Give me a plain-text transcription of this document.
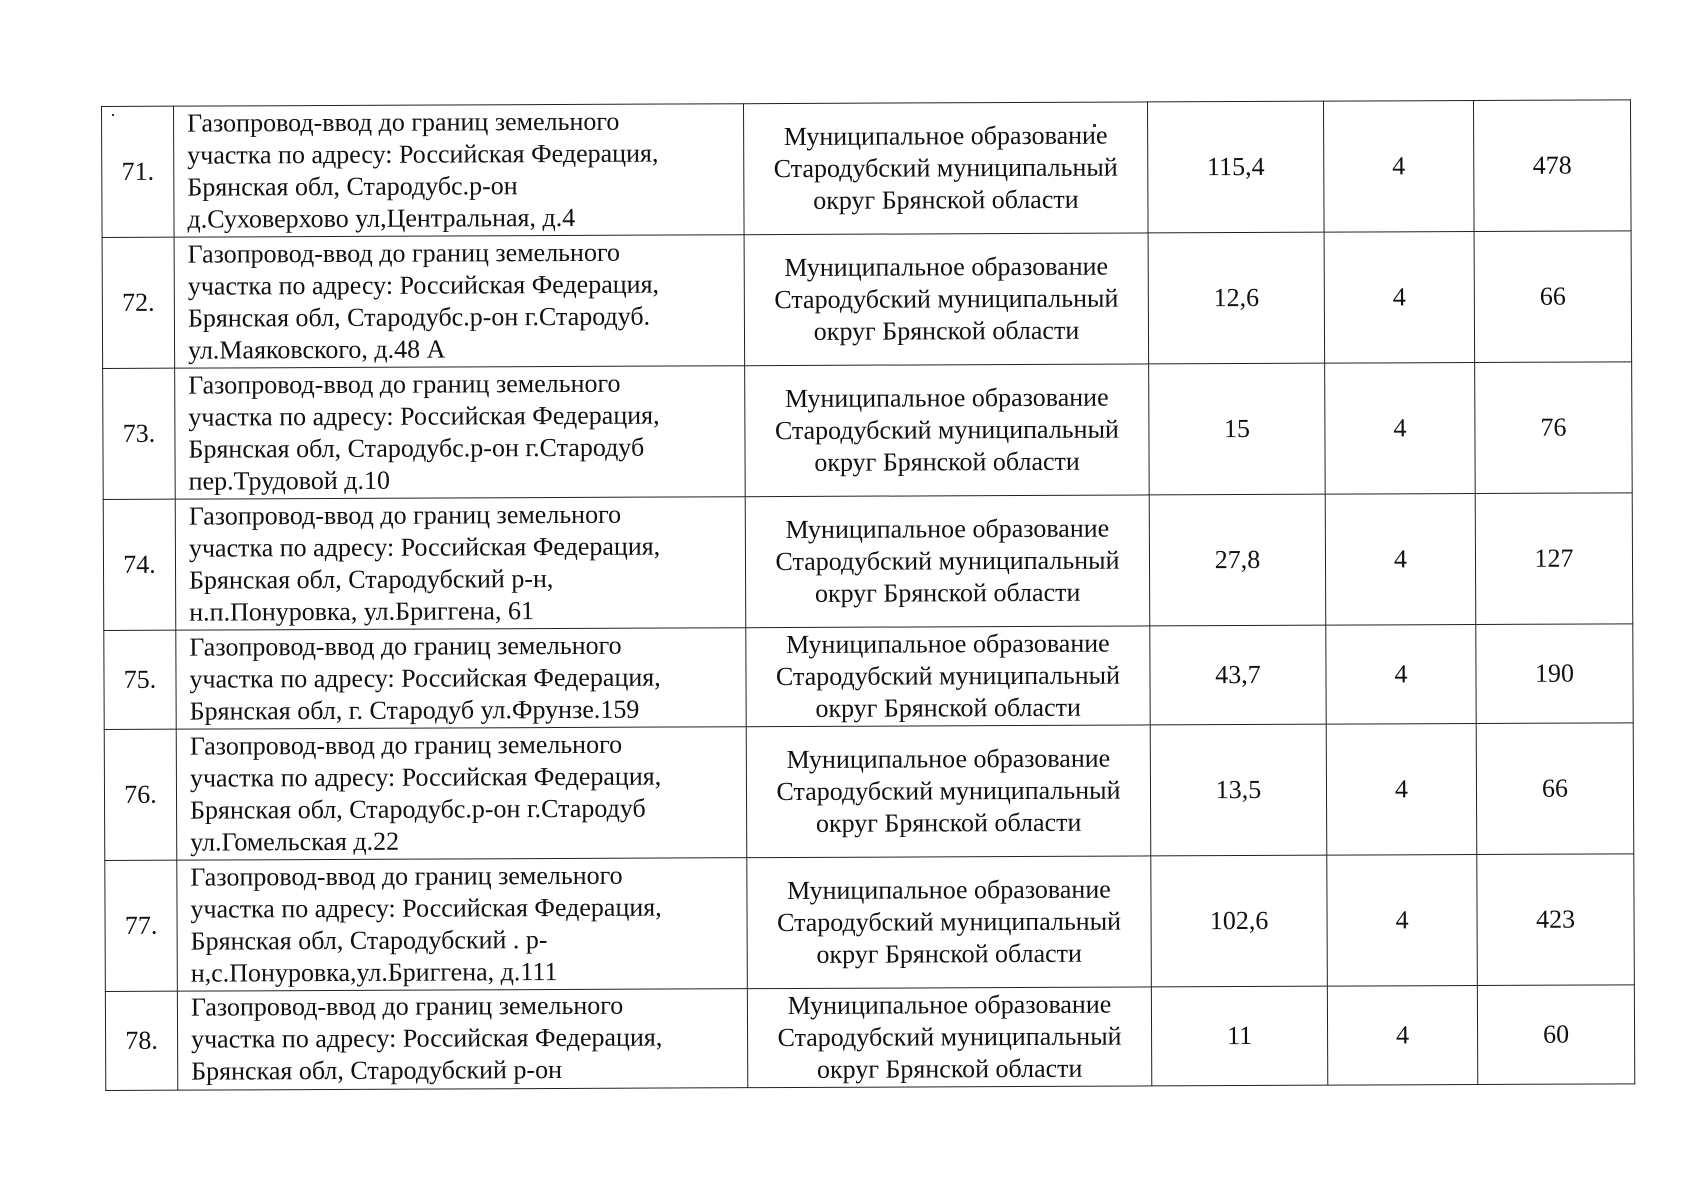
71.	Газопровод-ввод до границ земельного
участка по адресу: Российская Федерация,
Брянская обл, Стародубс.р-он
д.Суховерхово ул,Центральная, д.4	Муниципальное образование
Стародубский муниципальный
округ Брянской области	115,4	4	478
72.	Газопровод-ввод до границ земельного
участка по адресу: Российская Федерация,
Брянская обл, Стародубс.р-он г.Стародуб.
ул.Маяковского, д.48 А	Муниципальное образование
Стародубский муниципальный
округ Брянской области	12,6	4	66
73.	Газопровод-ввод до границ земельного
участка по адресу: Российская Федерация,
Брянская обл, Стародубс.р-он г.Стародуб
пер.Трудовой д.10	Муниципальное образование
Стародубский муниципальный
округ Брянской области	15	4	76
74.	Газопровод-ввод до границ земельного
участка по адресу: Российская Федерация,
Брянская обл, Стародубский р-н,
н.п.Понуровка, ул.Бриггена, 61	Муниципальное образование
Стародубский муниципальный
округ Брянской области	27,8	4	127
75.	Газопровод-ввод до границ земельного
участка по адресу: Российская Федерация,
Брянская обл, г. Стародуб ул.Фрунзе.159	Муниципальное образование
Стародубский муниципальный
округ Брянской области	43,7	4	190
76.	Газопровод-ввод до границ земельного
участка по адресу: Российская Федерация,
Брянская обл, Стародубс.р-он г.Стародуб
ул.Гомельская д.22	Муниципальное образование
Стародубский муниципальный
округ Брянской области	13,5	4	66
77.	Газопровод-ввод до границ земельного
участка по адресу: Российская Федерация,
Брянская обл, Стародубский . р-
н,с.Понуровка,ул.Бриггена, д.111	Муниципальное образование
Стародубский муниципальный
округ Брянской области	102,6	4	423
78.	Газопровод-ввод до границ земельного
участка по адресу: Российская Федерация,
Брянская обл, Стародубский р-он	Муниципальное образование
Стародубский муниципальный
округ Брянской области	11	4	60
